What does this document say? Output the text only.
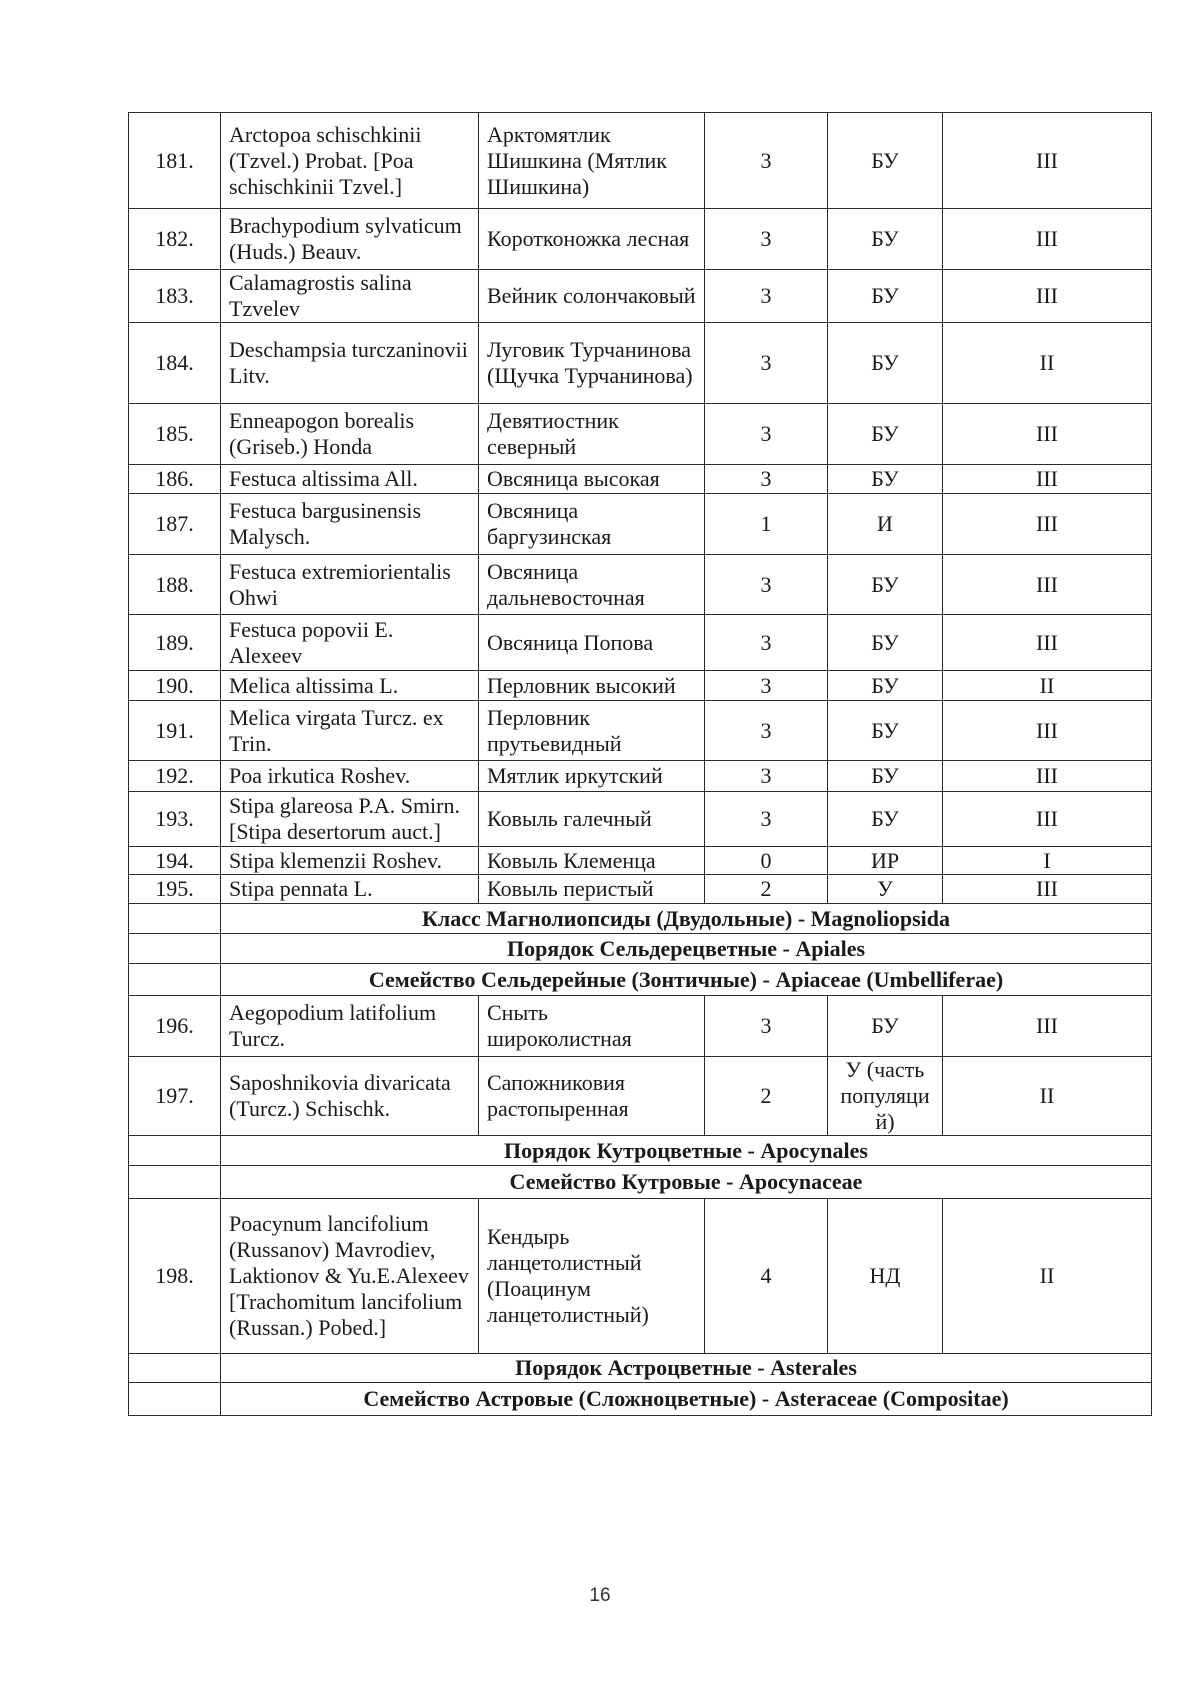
181.	Arctopoa schischkinii (Tzvel.) Probat. [Poa schischkinii Tzvel.]	Арктомятлик Шишкина (Мятлик Шишкина)	3	БУ	III
182.	Brachypodium sylvaticum (Huds.) Beauv.	Коротконожка лесная	3	БУ	III
183.	Calamagrostis salina Tzvelev	Вейник солончаковый	3	БУ	III
184.	Deschampsia turczaninovii Litv.	Луговик Турчанинова (Щучка Турчанинова)	3	БУ	II
185.	Enneapogon borealis (Griseb.) Honda	Девятиостник северный	3	БУ	III
186.	Festuca altissima All.	Овсяница высокая	3	БУ	III
187.	Festuca bargusinensis Malysch.	Овсяница баргузинская	1	И	III
188.	Festuca extremiorientalis Ohwi	Овсяница дальневосточная	3	БУ	III
189.	Festuca popovii E. Alexeev	Овсяница Попова	3	БУ	III
190.	Melica altissima L.	Перловник высокий	3	БУ	II
191.	Melica virgata Turcz. ex Trin.	Перловник прутьевидный	3	БУ	III
192.	Poa irkutica Roshev.	Мятлик иркутский	3	БУ	III
193.	Stipa glareosa P.A. Smirn. [Stipa desertorum auct.]	Ковыль галечный	3	БУ	III
194.	Stipa klemenzii Roshev.	Ковыль Клеменца	0	ИР	I
195.	Stipa pennata L.	Ковыль перистый	2	У	III
	Класс Магнолиопсиды (Двудольные) - Magnoliopsida				
	Порядок Сельдерецветные - Apiales				
	Семейство Сельдерейные (Зонтичные) - Apiaceae (Umbelliferae)				
196.	Aegopodium latifolium Turcz.	Сныть широколистная	3	БУ	III
197.	Saposhnikovia divaricata (Turcz.) Schischk.	Сапожниковия растопыренная	2	У (часть популяци й)	II
	Порядок Кутроцветные - Apocynales				
	Семейство Кутровые - Apocynaceae				
198.	Poacynum lancifolium (Russanov) Mavrodiev, Laktionov & Yu.E.Alexeev [Trachomitum lancifolium (Russan.) Pobed.]	Кендырь ланцетолистный (Поацинум ланцетолистный)	4	НД	II
	Порядок Астроцветные - Asterales				
	Семейство Астровые (Сложноцветные) - Asteraceae (Compositae)				
16
